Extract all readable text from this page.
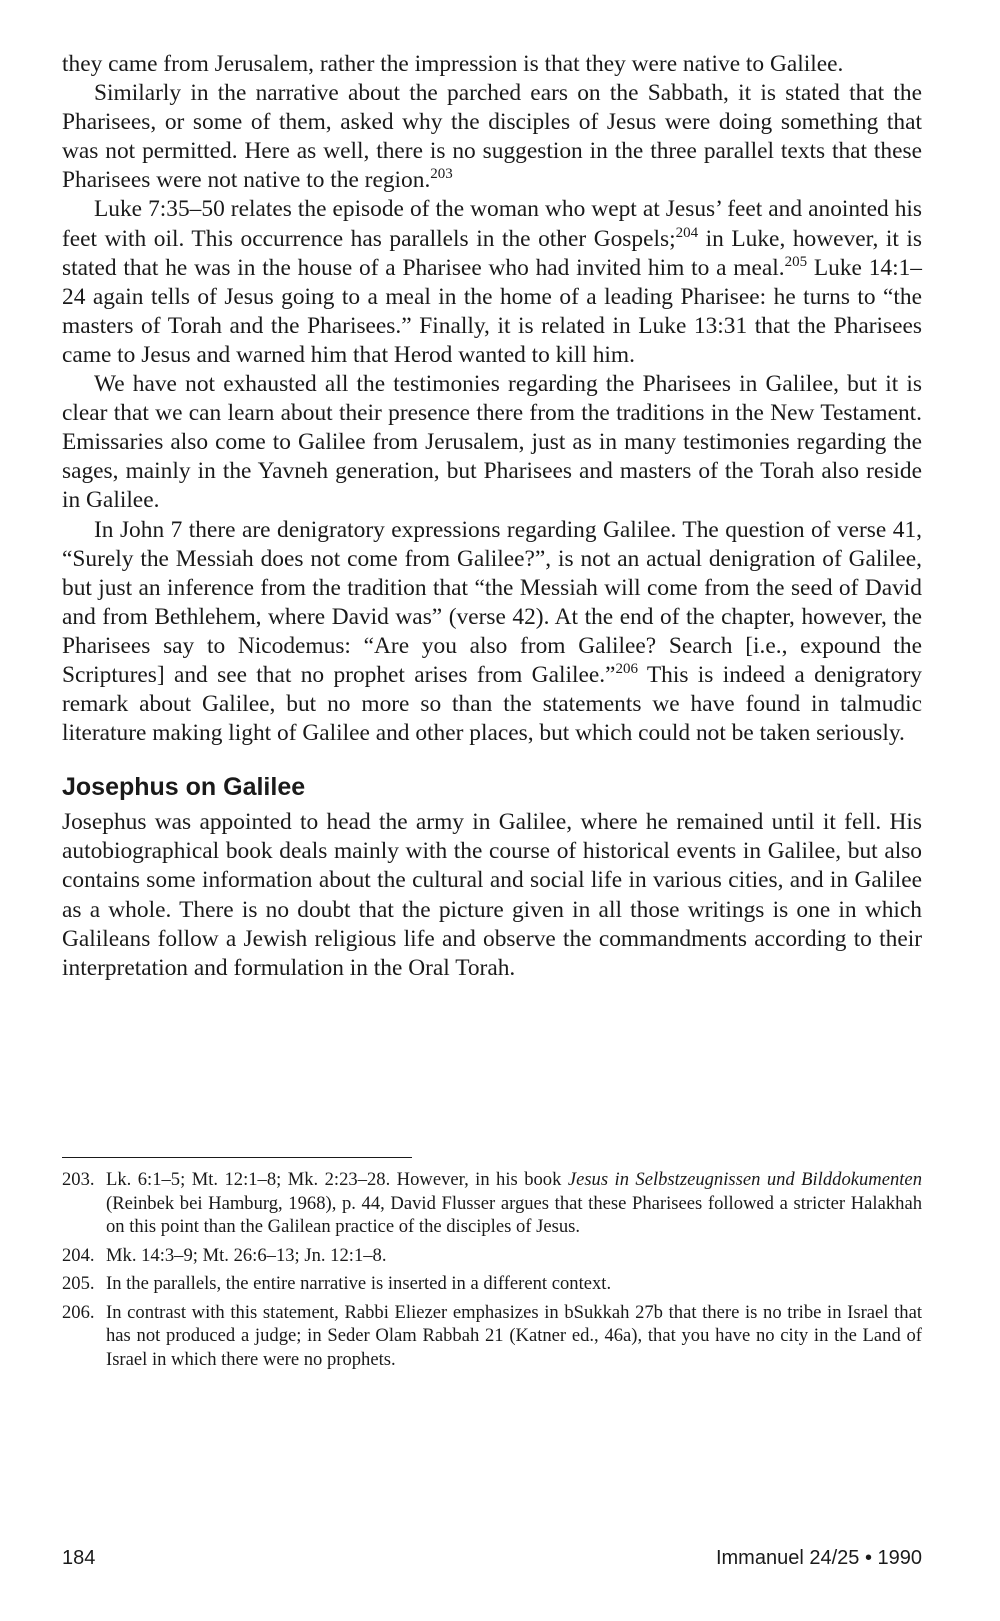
they came from Jerusalem, rather the impression is that they were native to Galilee.

Similarly in the narrative about the parched ears on the Sabbath, it is stated that the Pharisees, or some of them, asked why the disciples of Jesus were doing something that was not permitted. Here as well, there is no suggestion in the three parallel texts that these Pharisees were not native to the region.$^{203}$

Luke 7:35–50 relates the episode of the woman who wept at Jesus’ feet and anointed his feet with oil. This occurrence has parallels in the other Gospels;$^{204}$ in Luke, however, it is stated that he was in the house of a Pharisee who had invited him to a meal.$^{205}$ Luke 14:1–24 again tells of Jesus going to a meal in the home of a leading Pharisee: he turns to “the masters of Torah and the Pharisees.” Finally, it is related in Luke 13:31 that the Pharisees came to Jesus and warned him that Herod wanted to kill him.

We have not exhausted all the testimonies regarding the Pharisees in Galilee, but it is clear that we can learn about their presence there from the traditions in the New Testament. Emissaries also come to Galilee from Jerusalem, just as in many testimonies regarding the sages, mainly in the Yavneh generation, but Pharisees and masters of the Torah also reside in Galilee.

In John 7 there are denigratory expressions regarding Galilee. The question of verse 41, “Surely the Messiah does not come from Galilee?”, is not an actual denigration of Galilee, but just an inference from the tradition that “the Messiah will come from the seed of David and from Bethlehem, where David was” (verse 42). At the end of the chapter, however, the Pharisees say to Nicodemus: “Are you also from Galilee? Search [i.e., expound the Scriptures] and see that no prophet arises from Galilee.”$^{206}$ This is indeed a denigratory remark about Galilee, but no more so than the statements we have found in talmudic literature making light of Galilee and other places, but which could not be taken seriously.

Josephus on Galilee

Josephus was appointed to head the army in Galilee, where he remained until it fell. His autobiographical book deals mainly with the course of historical events in Galilee, but also contains some information about the cultural and social life in various cities, and in Galilee as a whole. There is no doubt that the picture given in all those writings is one in which Galileans follow a Jewish religious life and observe the commandments according to their interpretation and formulation in the Oral Torah.

203. Lk. 6:1–5; Mt. 12:1–8; Mk. 2:23–28. However, in his book Jesus in Selbstzeugnissen und Bilddokumenten (Reinbek bei Hamburg, 1968), p. 44, David Flusser argues that these Pharisees followed a stricter Halakhah on this point than the Galilean practice of the disciples of Jesus.
204. Mk. 14:3–9; Mt. 26:6–13; Jn. 12:1–8.
205. In the parallels, the entire narrative is inserted in a different context.
206. In contrast with this statement, Rabbi Eliezer emphasizes in bSukkah 27b that there is no tribe in Israel that has not produced a judge; in Seder Olam Rabbah 21 (Katner ed., 46a), that you have no city in the Land of Israel in which there were no prophets.
184	Immanuel 24/25 • 1990
